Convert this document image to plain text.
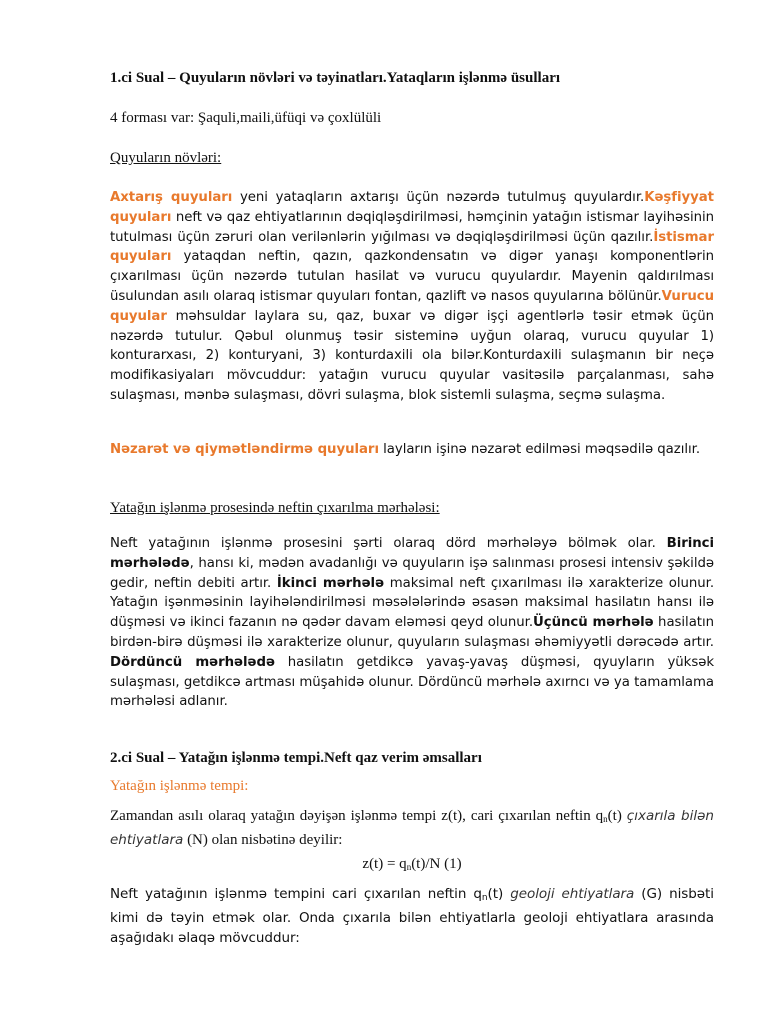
1.ci Sual – Quyuların növləri və təyinatları.Yataqların işlənmə üsulları
4 forması var: Şaquli,maili,üfüqi və çoxlülüli
Quyuların növləri:
Axtarış quyuları yeni yataqların axtarışı üçün nəzərdə tutulmuş quyulardır.Kəşfiyyat quyuları neft və qaz ehtiyatlarının dəqiqləşdirilməsi, həmçinin yatağın istismar layihəsinin tutulması üçün zəruri olan verilənlərin yığılması və dəqiqləşdirilməsi üçün qazılır.İstismar quyuları yataqdan neftin, qazın, qazkondensatın və digər yanaşı komponentlərin çıxarılması üçün nəzərdə tutulan hasilat və vurucu quyulardır. Mayenin qaldırılması üsulundan asılı olaraq istismar quyuları fontan, qazlift və nasos quyularına bölünür.Vurucu quyular məhsuldar laylara su, qaz, buxar və digər işçi agentlərlə təsir etmək üçün nəzərdə tutulur. Qəbul olunmuş təsir sisteminə uyğun olaraq, vurucu quyular 1) konturarxası, 2) konturyani, 3) konturdaxili ola bilər.Konturdaxili sulaşmanın bir neçə modifikasiyaları mövcuddur: yatağın vurucu quyular vasitəsilə parçalanması, sahə sulaşması, mənbə sulaşması, dövri sulaşma, blok sistemli sulaşma, seçmə sulaşma.
Nəzarət və qiymətləndirmə quyuları layların işinə nəzarət edilməsi məqsədilə qazılır.
Yatağın işlənmə prosesində neftin çıxarılma mərhələsi:
Neft yatağının işlənmə prosesini şərti olaraq dörd mərhələyə bölmək olar. Birinci mərhələdə, hansı ki, mədən avadanlığı və quyuların işə salınması prosesi intensiv şəkildə gedir, neftin debiti artır. İkinci mərhələ maksimal neft çıxarılması ilə xarakterize olunur. Yatağın işənməsinin layihələndirilməsi məsələlərində əsasən maksimal hasilatın hansı ilə düşməsi və ikinci fazanın nə qədər davam eləməsi qeyd olunur.Üçüncü mərhələ hasilatın birdən-birə düşməsi ilə xarakterize olunur, quyuların sulaşması əhəmiyyətli dərəcədə artır. Dördüncü mərhələdə hasilatın getdikcə yavaş-yavaş düşməsi, qyuyların yüksək sulaşması, getdikcə artması müşahidə olunur. Dördüncü mərhələ axırncı və ya tamamlama mərhələsi adlanır.
2.ci Sual – Yatağın işlənmə tempi.Neft qaz verim əmsalları
Yatağın işlənmə tempi:
Zamandan asılı olaraq yatağın dəyişən işlənmə tempi z(t), cari çıxarılan neftin $q_n(t)$ çıxarıla bilən ehtiyatlara (N) olan nisbətinə deyilir:
$z(t) = q_n(t)/N$ (1)
Neft yatağının işlənmə tempini cari çıxarılan neftin $q_n(t)$ geoloji ehtiyatlara (G) nisbəti kimi də təyin etmək olar. Onda çıxarıla bilən ehtiyatlarla geoloji ehtiyatlara arasında aşağıdakı əlaqə mövcuddur:
